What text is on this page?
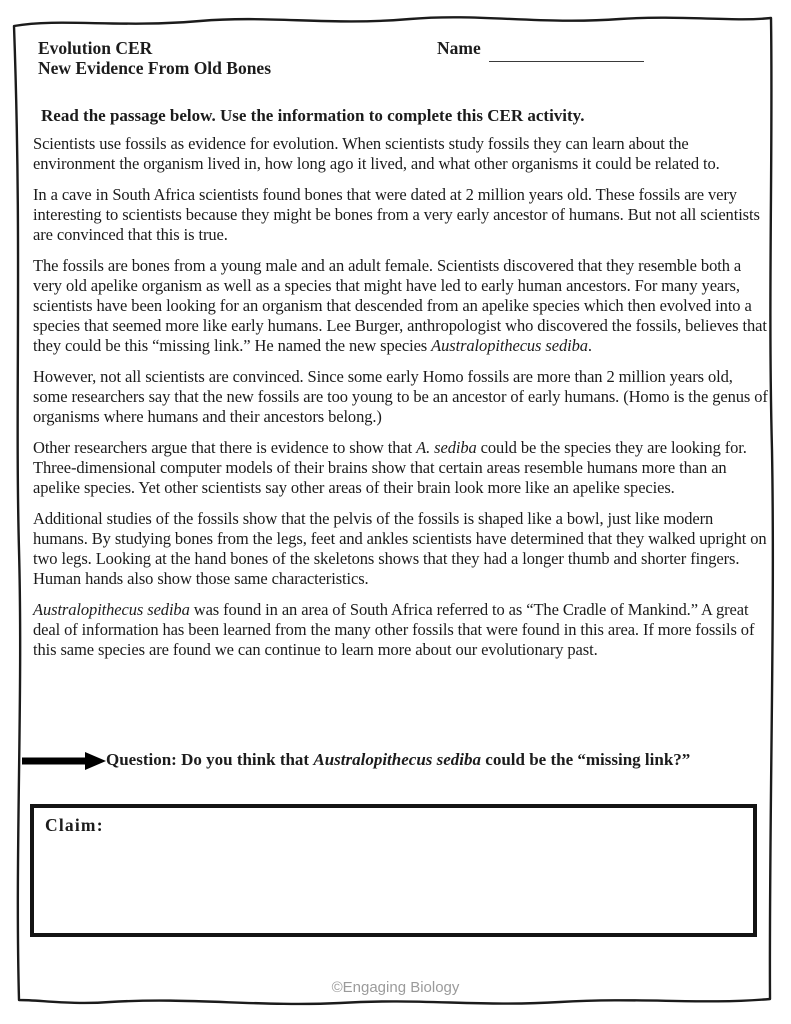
Evolution CER
New Evidence From Old Bones
Name
Read the passage below. Use the information to complete this CER activity.

Scientists use fossils as evidence for evolution. When scientists study fossils they can learn about the environment the organism lived in, how long ago it lived, and what other organisms it could be related to.

In a cave in South Africa scientists found bones that were dated at 2 million years old. These fossils are very interesting to scientists because they might be bones from a very early ancestor of humans. But not all scientists are convinced that this is true.

The fossils are bones from a young male and an adult female. Scientists discovered that they resemble both a very old apelike organism as well as a species that might have led to early human ancestors. For many years, scientists have been looking for an organism that descended from an apelike species which then evolved into a species that seemed more like early humans. Lee Burger, anthropologist who discovered the fossils, believes that they could be this “missing link.” He named the new species Australopithecus sediba.

However, not all scientists are convinced. Since some early Homo fossils are more than 2 million years old, some researchers say that the new fossils are too young to be an ancestor of early humans. (Homo is the genus of organisms where humans and their ancestors belong.)

Other researchers argue that there is evidence to show that A. sediba could be the species they are looking for. Three-dimensional computer models of their brains show that certain areas resemble humans more than an apelike species. Yet other scientists say other areas of their brain look more like an apelike species.

Additional studies of the fossils show that the pelvis of the fossils is shaped like a bowl, just like modern humans. By studying bones from the legs, feet and ankles scientists have determined that they walked upright on two legs. Looking at the hand bones of the skeletons shows that they had a longer thumb and shorter fingers. Human hands also show those same characteristics.

Australopithecus sediba was found in an area of South Africa referred to as “The Cradle of Mankind.” A great deal of information has been learned from the many other fossils that were found in this area. If more fossils of this same species are found we can continue to learn more about our evolutionary past.

Question: Do you think that Australopithecus sediba could be the “missing link?”
Claim:
©Engaging Biology
